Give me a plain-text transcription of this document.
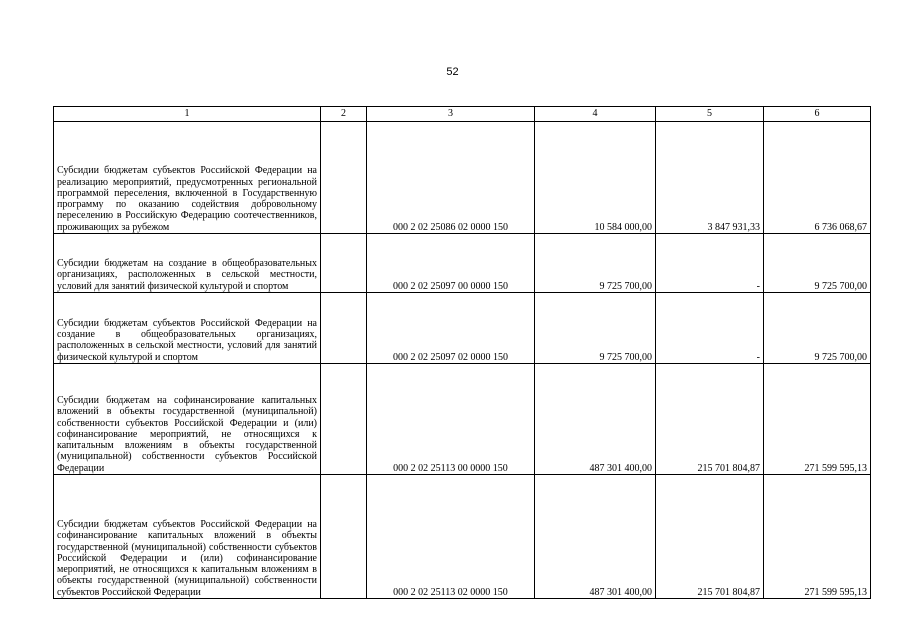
52
1	2	3	4	5	6
Субсидии бюджетам субъектов Российской Федерации на реализацию мероприятий, предусмотренных региональной программой переселения, включенной в Государственную программу по оказанию содействия добровольному переселению в Российскую Федерацию соотечественников, проживающих за рубежом		000 2 02 25086 02 0000 150	10 584 000,00	3 847 931,33	6 736 068,67
Субсидии бюджетам на создание в общеобразовательных организациях, расположенных в сельской местности, условий для занятий физической культурой и спортом		000 2 02 25097 00 0000 150	9 725 700,00	-	9 725 700,00
Субсидии бюджетам субъектов Российской Федерации на создание в общеобразовательных организациях, расположенных в сельской местности, условий для занятий физической культурой и спортом		000 2 02 25097 02 0000 150	9 725 700,00	-	9 725 700,00
Субсидии бюджетам на софинансирование капитальных вложений в объекты государственной (муниципальной) собственности субъектов Российской Федерации и (или) софинансирование мероприятий, не относящихся к капитальным вложениям в объекты государственной (муниципальной) собственности субъектов Российской Федерации		000 2 02 25113 00 0000 150	487 301 400,00	215 701 804,87	271 599 595,13
Субсидии бюджетам субъектов Российской Федерации на софинансирование капитальных вложений в объекты государственной (муниципальной) собственности субъектов Российской Федерации и (или) софинансирование мероприятий, не относящихся к капитальным вложениям в объекты государственной (муниципальной) собственности субъектов Российской Федерации		000 2 02 25113 02 0000 150	487 301 400,00	215 701 804,87	271 599 595,13
